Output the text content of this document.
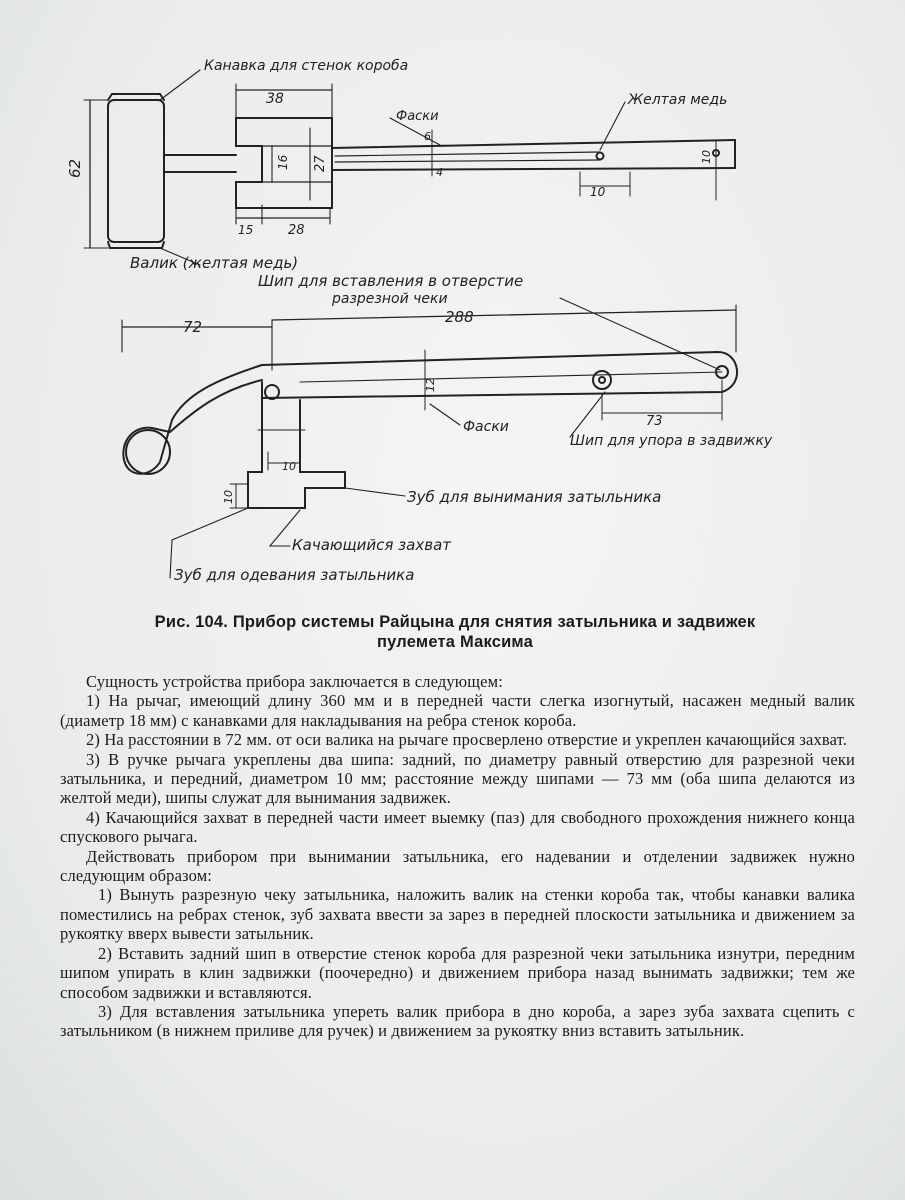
62
38
16 27
15	28
6
4
10
10
Канавка для стенок короба
Желтая медь
Фаски
Валик (желтая медь)
72
288
12
73
10
10
Шип для вставления в отверстие
разрезной чеки
Фаски
Шип для упора в задвижку
Зуб для вынимания затыльника
Качающийся захват
Зуб для одевания затыльника
Рис. 104. Прибор системы Райцына для снятия затыльника и задвижек
пулемета Максима

Сущность устройства прибора заключается в следующем:

1) На рычаг, имеющий длину 360 мм и в передней части слегка изогнутый, насажен медный валик (диаметр 18 мм) с канавками для накладывания на ребра стенок короба.

2) На расстоянии в 72 мм. от оси валика на рычаге просверлено отверстие и укреплен качающийся захват.

3) В ручке рычага укреплены два шипа: задний, по диаметру равный отверстию для разрезной чеки затыльника, и передний, диаметром 10 мм; расстояние между шипами — 73 мм (оба шипа делаются из желтой меди), шипы служат для вынимания задвижек.

4) Качающийся захват в передней части имеет выемку (паз) для свободного прохождения нижнего конца спускового рычага.

Действовать прибором при вынимании затыльника, его надевании и отделении задвижек нужно следующим образом:

1) Вынуть разрезную чеку затыльника, наложить валик на стенки короба так, чтобы канавки валика поместились на ребрах стенок, зуб захвата ввести за зарез в передней плоскости затыльника и движением за рукоятку вверх вывести затыльник.

2) Вставить задний шип в отверстие стенок короба для разрезной чеки затыльника изнутри, передним шипом упирать в клин задвижки (поочередно) и движением прибора назад вынимать задвижки; тем же способом задвижки и вставляются.

3) Для вставления затыльника упереть валик прибора в дно короба, а зарез зуба захвата сцепить с затыльником (в нижнем приливе для ручек) и движением за рукоятку вниз вставить затыльник.
